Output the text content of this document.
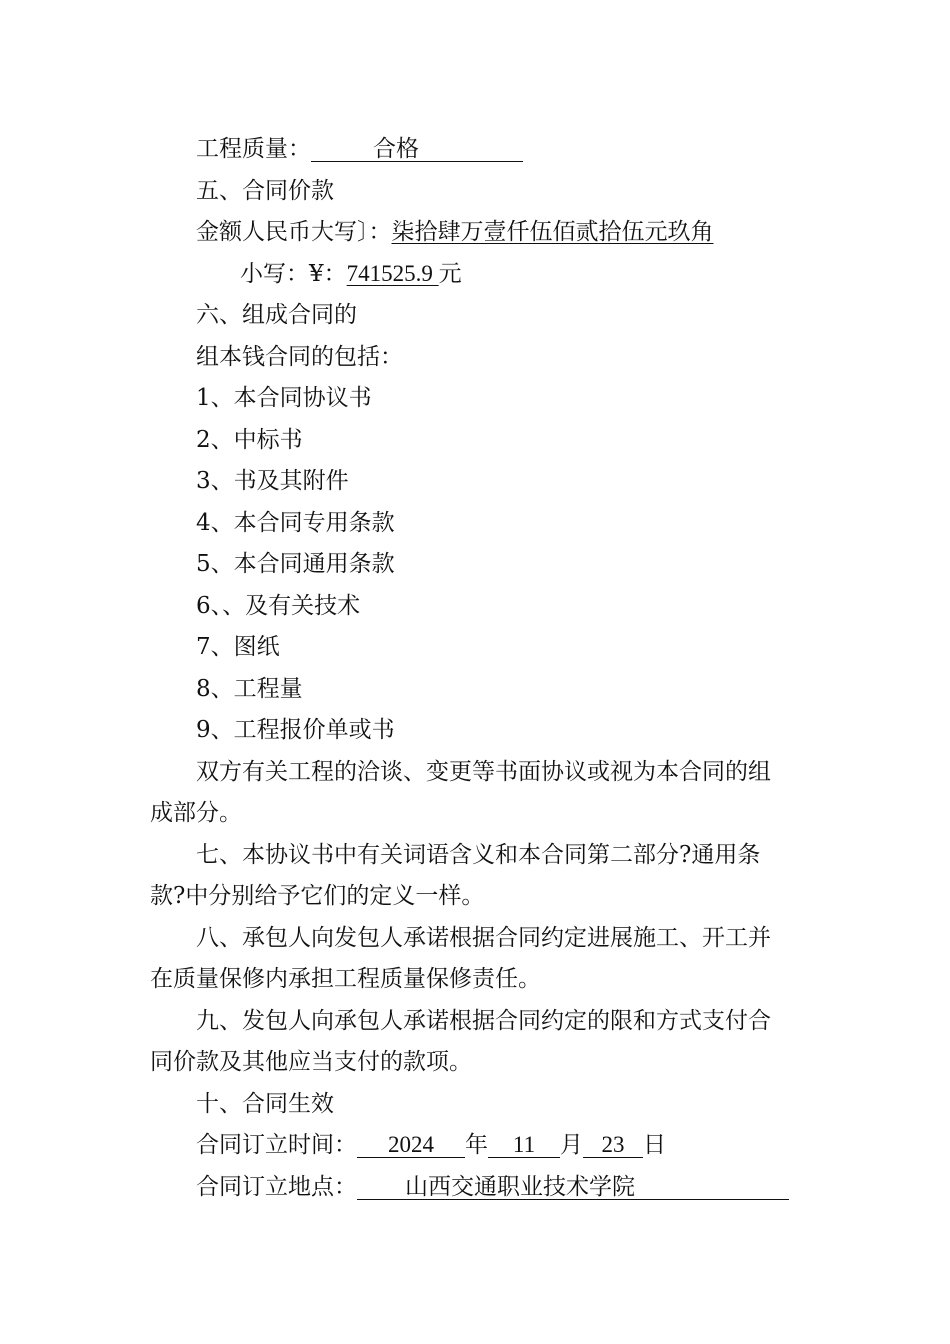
工程质量：	合格
五、合同价款
金额人民币大写〕：柒拾肆万壹仟伍佰贰拾伍元玖角
小写：¥：741525.9 元
六、组成合同的
组本钱合同的包括：
1、本合同协议书
2、中标书
3、书及其附件
4、本合同专用条款
5、本合同通用条款
6、、及有关技术
7、图纸
8、工程量
9、工程报价单或书
双方有关工程的洽谈、变更等书面协议或视为本合同的组
成部分。
七、本协议书中有关词语含义和本合同第二部分?通用条
款?中分别给予它们的定义一样。
八、承包人向发包人承诺根据合同约定进展施工、开工并
在质量保修内承担工程质量保修责任。
九、发包人向承包人承诺根据合同约定的限和方式支付合
同价款及其他应当支付的款项。
十、合同生效
合同订立时间： 2024 年 11 月 23 日
合同订立地点： 山西交通职业技术学院
